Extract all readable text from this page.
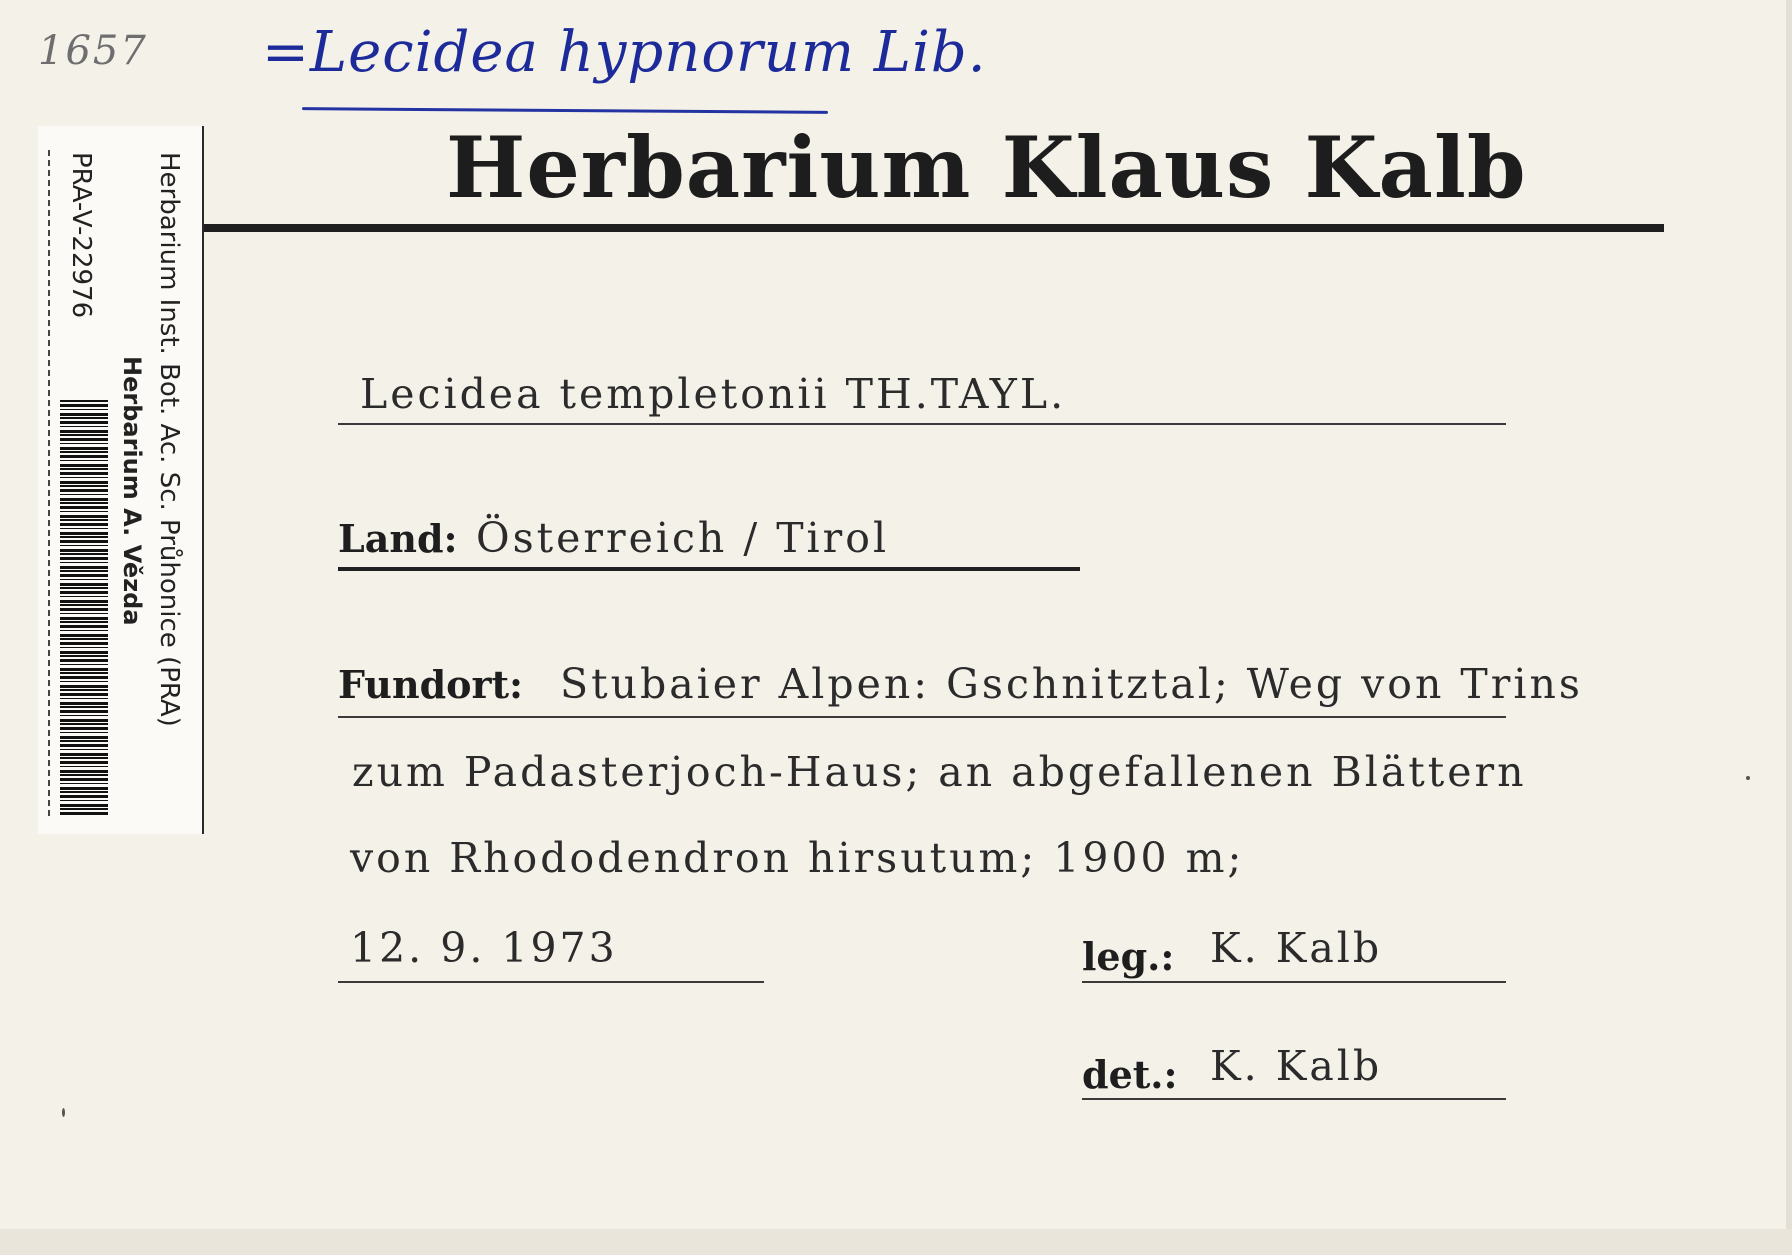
1657 =Lecidea hypnorum Lib.
Herbarium Klaus Kalb
Herbarium Inst. Bot. Ac. Sc. Průhonice (PRA)
Herbarium A. Vězda
PRA-V-22976
Lecidea templetonii TH.TAYL.
Land: Österreich / Tirol
Fundort: Stubaier Alpen: Gschnitztal; Weg von Trins
zum Padasterjoch-Haus; an abgefallenen Blättern
von Rhododendron hirsutum; 1900 m;
12. 9. 1973	leg.: K. Kalb
det.: K. Kalb
